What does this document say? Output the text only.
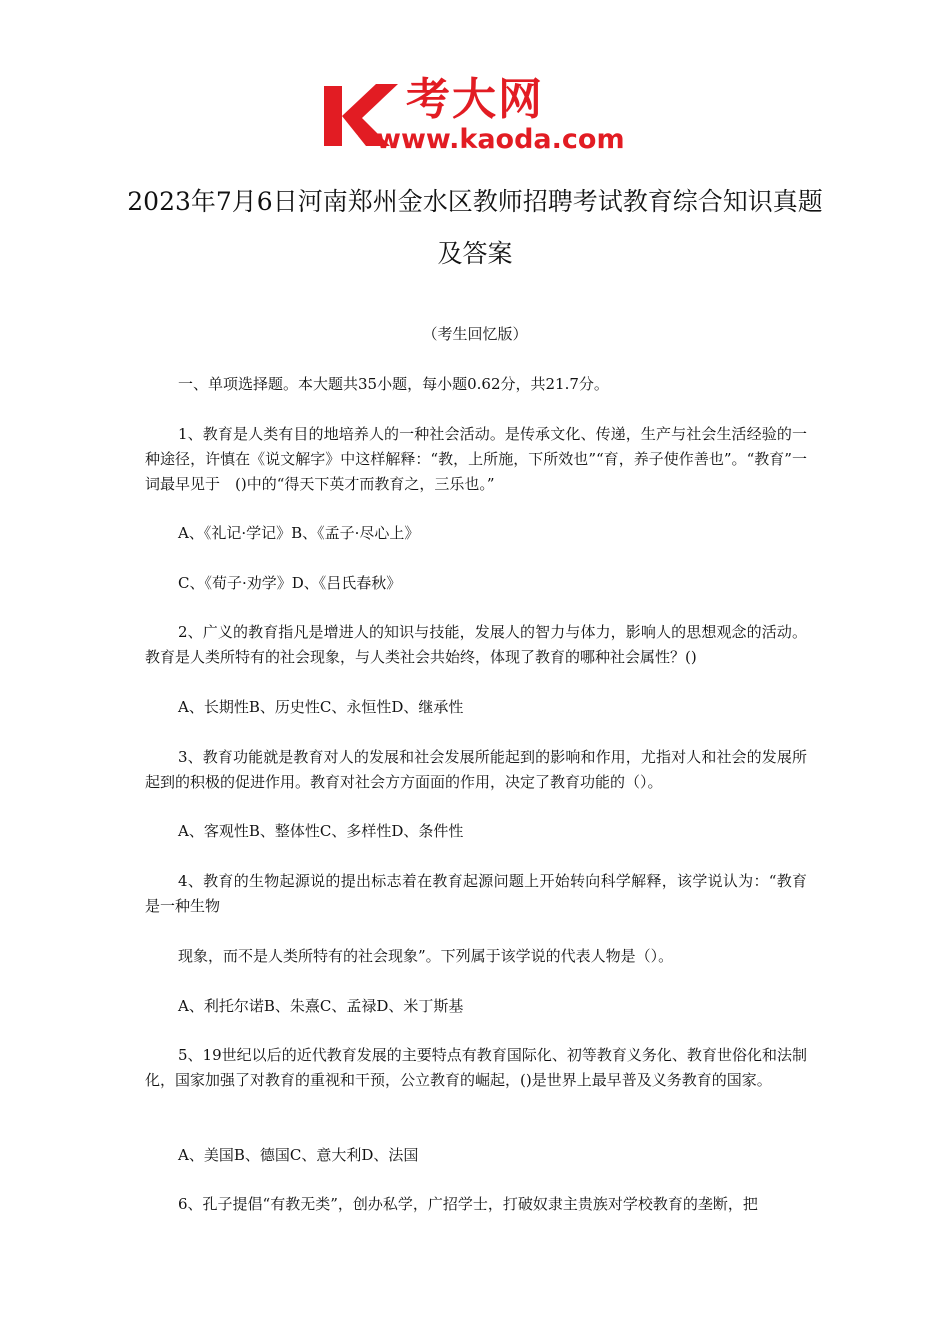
考大网
www.kaoda.com
2023年7月6日河南郑州金水区教师招聘考试教育综合知识真题及答案
（考生回忆版）

一、单项选择题。本大题共35小题，每小题0.62分，共21.7分。

1、教育是人类有目的地培养人的一种社会活动。是传承文化、传递，生产与社会生活经验的一种途径，许慎在《说文解字》中这样解释：“教，上所施，下所效也”“育，养子使作善也”。“教育”一词最早见于　()中的“得天下英才而教育之，三乐也。”

A、《礼记·学记》B、《孟子·尽心上》

C、《荀子·劝学》D、《吕氏春秋》

2、广义的教育指凡是增进人的知识与技能，发展人的智力与体力，影响人的思想观念的活动。教育是人类所特有的社会现象，与人类社会共始终，体现了教育的哪种社会属性？()

A、长期性B、历史性C、永恒性D、继承性

3、教育功能就是教育对人的发展和社会发展所能起到的影响和作用，尤指对人和社会的发展所起到的积极的促进作用。教育对社会方方面面的作用，决定了教育功能的（）。

A、客观性B、整体性C、多样性D、条件性

4、教育的生物起源说的提出标志着在教育起源问题上开始转向科学解释，该学说认为：“教育是一种生物

现象，而不是人类所特有的社会现象”。下列属于该学说的代表人物是（）。

A、利托尔诺B、朱熹C、孟禄D、米丁斯基

5、19世纪以后的近代教育发展的主要特点有教育国际化、初等教育义务化、教育世俗化和法制化，国家加强了对教育的重视和干预，公立教育的崛起，()是世界上最早普及义务教育的国家。

A、美国B、德国C、意大利D、法国

6、孔子提倡“有教无类”，创办私学，广招学士，打破奴隶主贵族对学校教育的垄断，把
